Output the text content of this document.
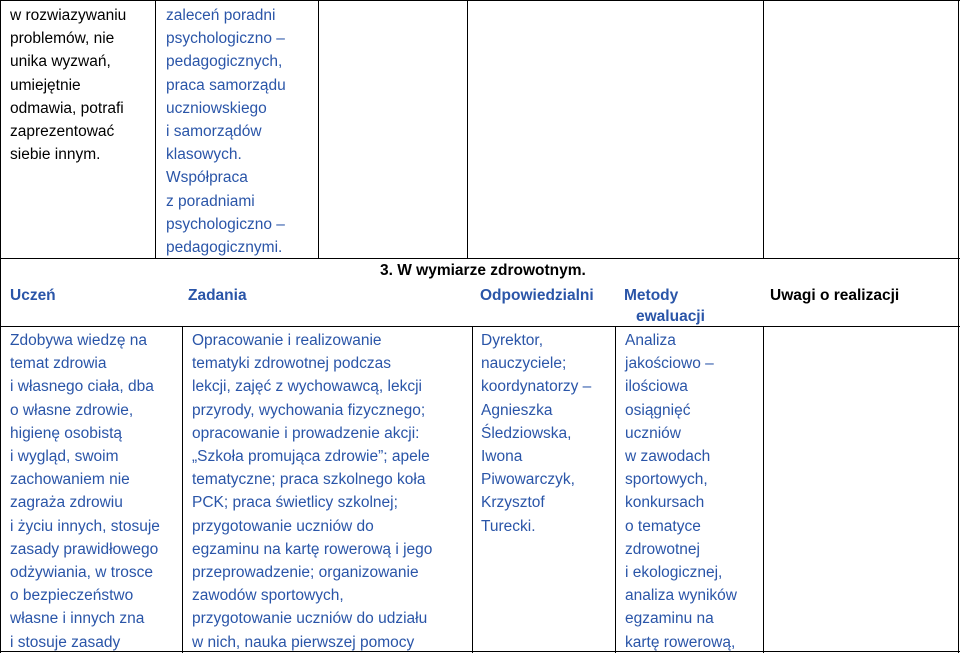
w rozwiazywaniu
problemów, nie
unika wyzwań,
umiejętnie
odmawia, potrafi
zaprezentować
siebie innym.
zaleceń poradni
psychologiczno –
pedagogicznych,
praca samorządu
uczniowskiego
i samorządów
klasowych.
Współpraca
z poradniami
psychologiczno –
pedagogicznymi.
3. W wymiarze zdrowotnym.
Uczeń	Zadania	Odpowiedzialni Metody
ewaluacji
Uwagi o realizacji
Zdobywa wiedzę na
temat zdrowia
i własnego ciała, dba
o własne zdrowie,
higienę osobistą
i wygląd, swoim
zachowaniem nie
zagraża zdrowiu
i życiu innych, stosuje
zasady prawidłowego
odżywiania, w trosce
o bezpieczeństwo
własne i innych zna
i stosuje zasady
Opracowanie i realizowanie
tematyki zdrowotnej podczas
lekcji, zajęć z wychowawcą, lekcji
przyrody, wychowania fizycznego;
opracowanie i prowadzenie akcji:
„Szkoła promująca zdrowie”; apele
tematyczne; praca szkolnego koła
PCK; praca świetlicy szkolnej;
przygotowanie uczniów do
egzaminu na kartę rowerową i jego
przeprowadzenie; organizowanie
zawodów sportowych,
przygotowanie uczniów do udziału
w nich, nauka pierwszej pomocy
Dyrektor,
nauczyciele;
koordynatorzy –
Agnieszka
Śledziowska,
Iwona
Piwowarczyk,
Krzysztof
Turecki.
Analiza
jakościowo –
ilościowa
osiągnięć
uczniów
w zawodach
sportowych,
konkursach
o tematyce
zdrowotnej
i ekologicznej,
analiza wyników
egzaminu na
kartę rowerową,
